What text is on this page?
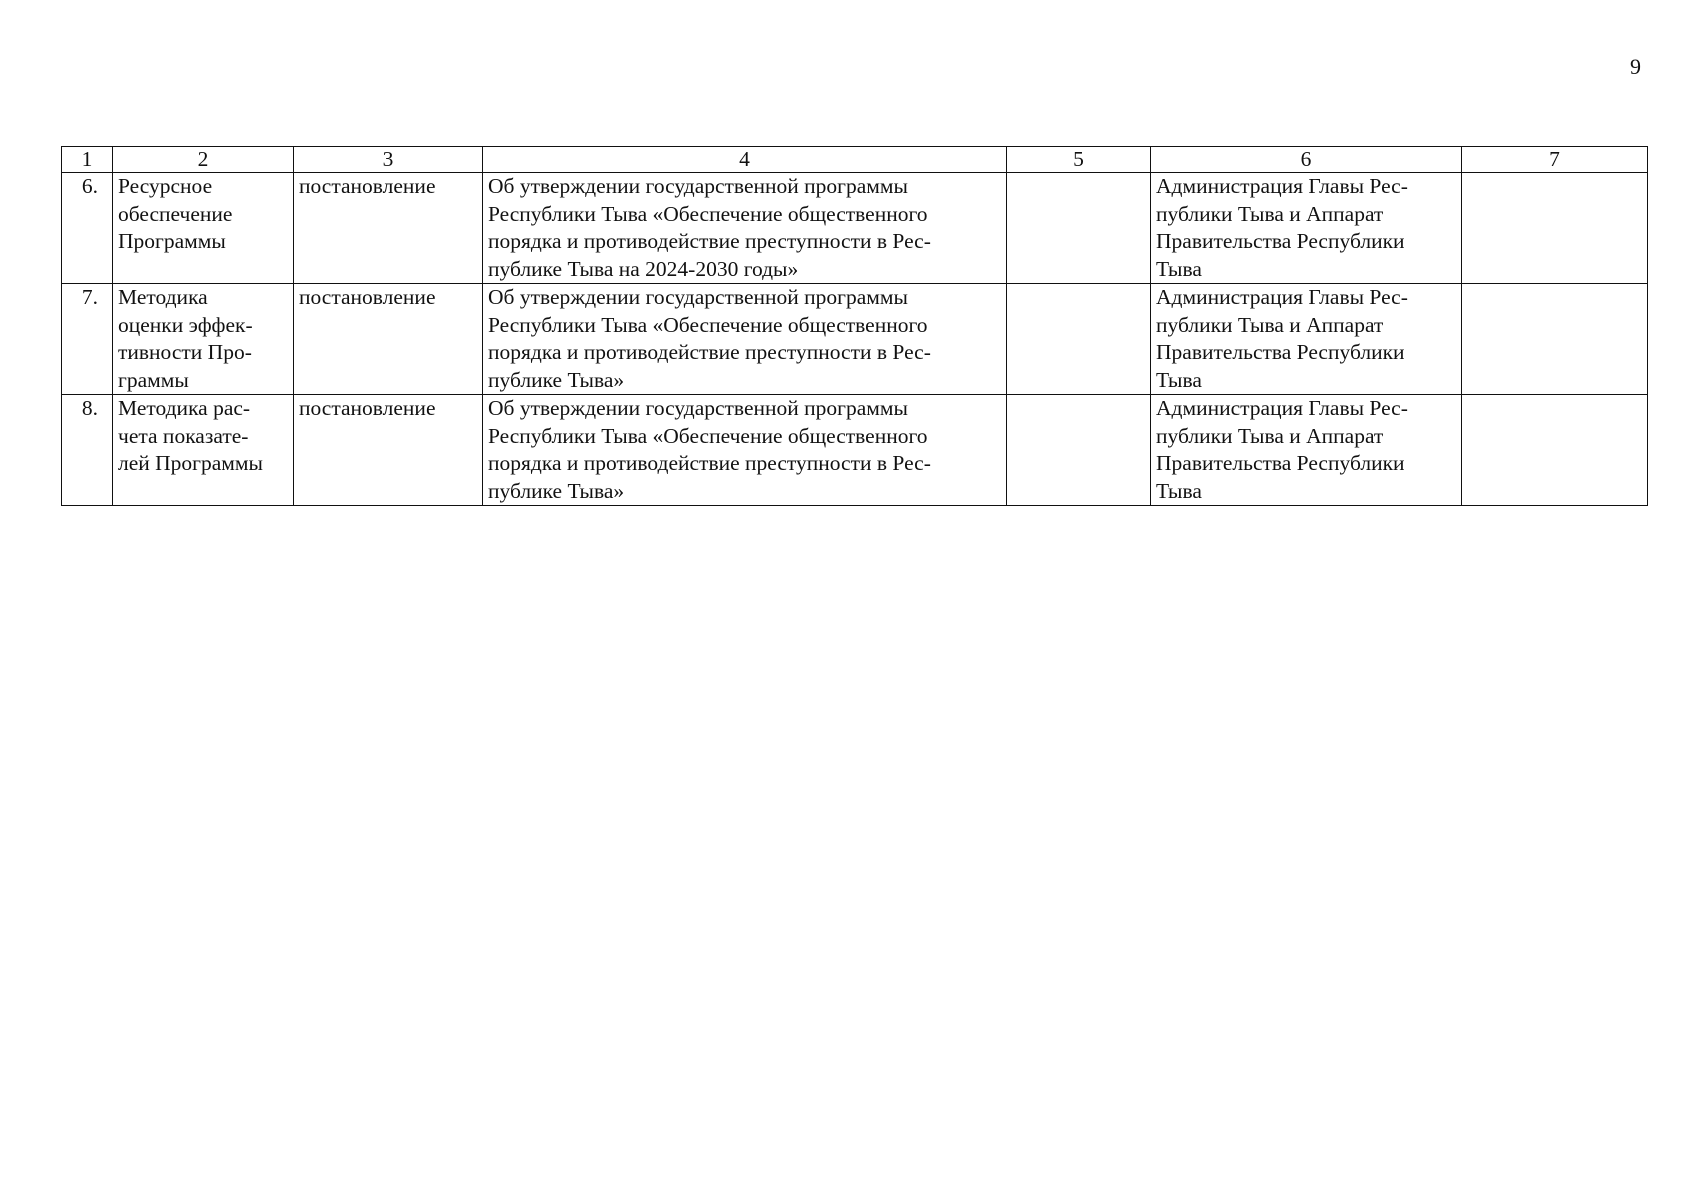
9
1	2	3	4	5	6	7
6.	Ресурсное
обеспечение
Программы	постановление	Об утверждении государственной программы
Республики Тыва «Обеспечение общественного
порядка и противодействие преступности в Рес-
публике Тыва на 2024-2030 годы»		Администрация Главы Рес-
публики Тыва и Аппарат
Правительства Республики
Тыва	
7.	Методика
оценки эффек-
тивности Про-
граммы	постановление	Об утверждении государственной программы
Республики Тыва «Обеспечение общественного
порядка и противодействие преступности в Рес-
публике Тыва»		Администрация Главы Рес-
публики Тыва и Аппарат
Правительства Республики
Тыва	
8.	Методика рас-
чета показате-
лей Программы	постановление	Об утверждении государственной программы
Республики Тыва «Обеспечение общественного
порядка и противодействие преступности в Рес-
публике Тыва»		Администрация Главы Рес-
публики Тыва и Аппарат
Правительства Республики
Тыва	
